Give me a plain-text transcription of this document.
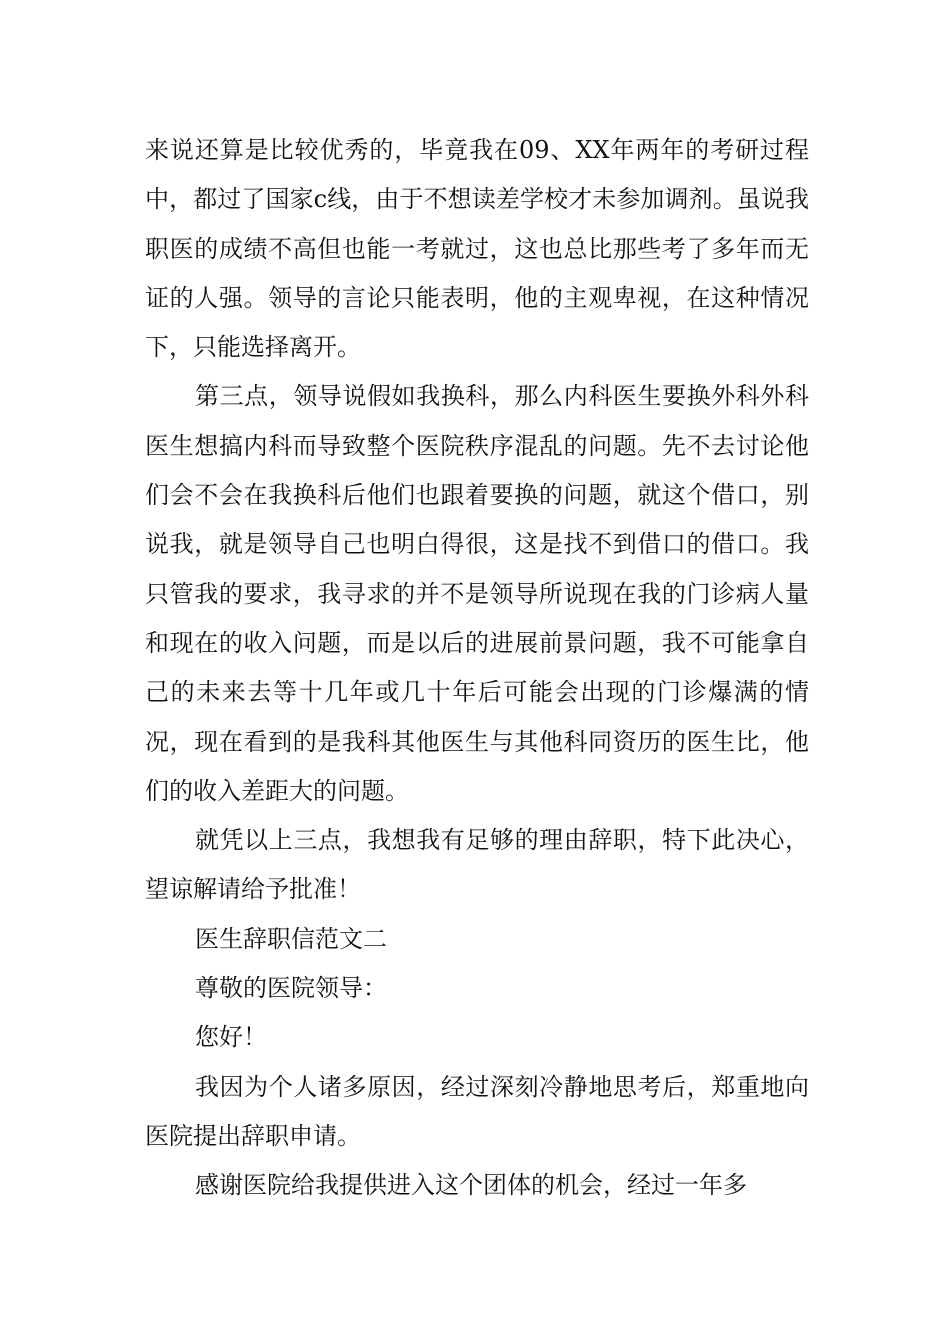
来说还算是比较优秀的，毕竟我在09、XX年两年的考研过程中，都过了国家c线，由于不想读差学校才未参加调剂。虽说我职医的成绩不高但也能一考就过，这也总比那些考了多年而无证的人强。领导的言论只能表明，他的主观卑视，在这种情况下，只能选择离开。

第三点，领导说假如我换科，那么内科医生要换外科外科医生想搞内科而导致整个医院秩序混乱的问题。先不去讨论他们会不会在我换科后他们也跟着要换的问题，就这个借口，别说我，就是领导自己也明白得很，这是找不到借口的借口。我只管我的要求，我寻求的并不是领导所说现在我的门诊病人量和现在的收入问题，而是以后的进展前景问题，我不可能拿自己的未来去等十几年或几十年后可能会出现的门诊爆满的情况，现在看到的是我科其他医生与其他科同资历的医生比，他们的收入差距大的问题。

就凭以上三点，我想我有足够的理由辞职，特下此决心，望谅解请给予批准！

医生辞职信范文二

尊敬的医院领导：

您好！

我因为个人诸多原因，经过深刻冷静地思考后，郑重地向医院提出辞职申请。

感谢医院给我提供进入这个团体的机会，经过一年多
